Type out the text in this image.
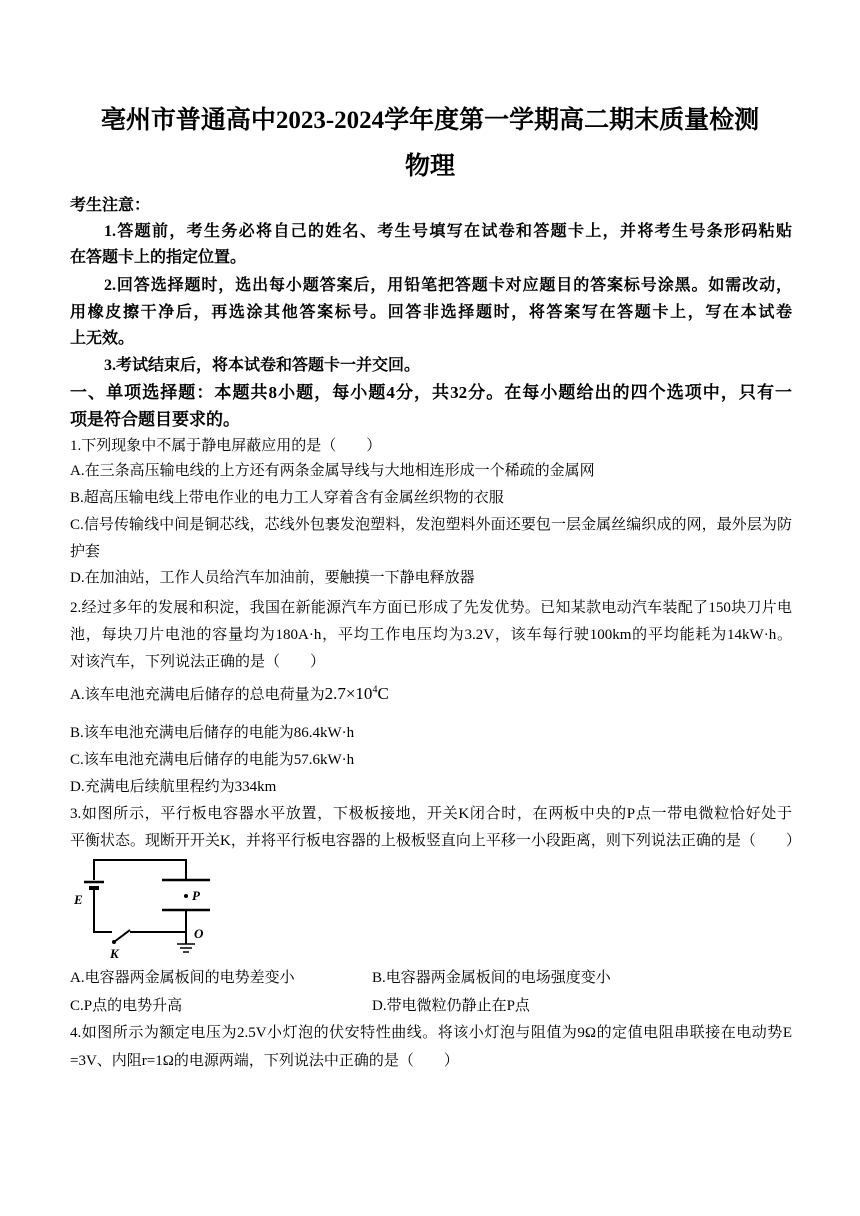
亳州市普通高中2023-2024学年度第一学期高二期末质量检测
物理
考生注意：
1.答题前，考生务必将自己的姓名、考生号填写在试卷和答题卡上，并将考生号条形码粘贴
在答题卡上的指定位置。
2.回答选择题时，选出每小题答案后，用铅笔把答题卡对应题目的答案标号涂黑。如需改动，
用橡皮擦干净后，再选涂其他答案标号。回答非选择题时，将答案写在答题卡上，写在本试卷
上无效。
3.考试结束后，将本试卷和答题卡一并交回。
一、单项选择题：本题共8小题，每小题4分，共32分。在每小题给出的四个选项中，只有一
项是符合题目要求的。
1.下列现象中不属于静电屏蔽应用的是（　　）
A.在三条高压输电线的上方还有两条金属导线与大地相连形成一个稀疏的金属网
B.超高压输电线上带电作业的电力工人穿着含有金属丝织物的衣服
C.信号传输线中间是铜芯线，芯线外包裹发泡塑料，发泡塑料外面还要包一层金属丝编织成的网，最外层为防
护套
D.在加油站，工作人员给汽车加油前，要触摸一下静电释放器
2.经过多年的发展和积淀，我国在新能源汽车方面已形成了先发优势。已知某款电动汽车装配了150块刀片电
池，每块刀片电池的容量均为180A·h，平均工作电压均为3.2V，该车每行驶100km的平均能耗为14kW·h。
对该汽车，下列说法正确的是（　　）
A.该车电池充满电后储存的总电荷量为$2.7\times 10^4C$
B.该车电池充满电后储存的电能为86.4kW·h
C.该车电池充满电后储存的电能为57.6kW·h
D.充满电后续航里程约为334km
3.如图所示，平行板电容器水平放置，下极板接地，开关K闭合时，在两板中央的P点一带电微粒恰好处于
平衡状态。现断开开关K，并将平行板电容器的上极板竖直向上平移一小段距离，则下列说法正确的是（　　）
E	P
K
O
A.电容器两金属板间的电势差变小	B.电容器两金属板间的电场强度变小
C.P点的电势升高	D.带电微粒仍静止在P点
4.如图所示为额定电压为2.5V小灯泡的伏安特性曲线。将该小灯泡与阻值为9Ω的定值电阻串联接在电动势E
=3V、内阻r=1Ω的电源两端，下列说法中正确的是（　　）
